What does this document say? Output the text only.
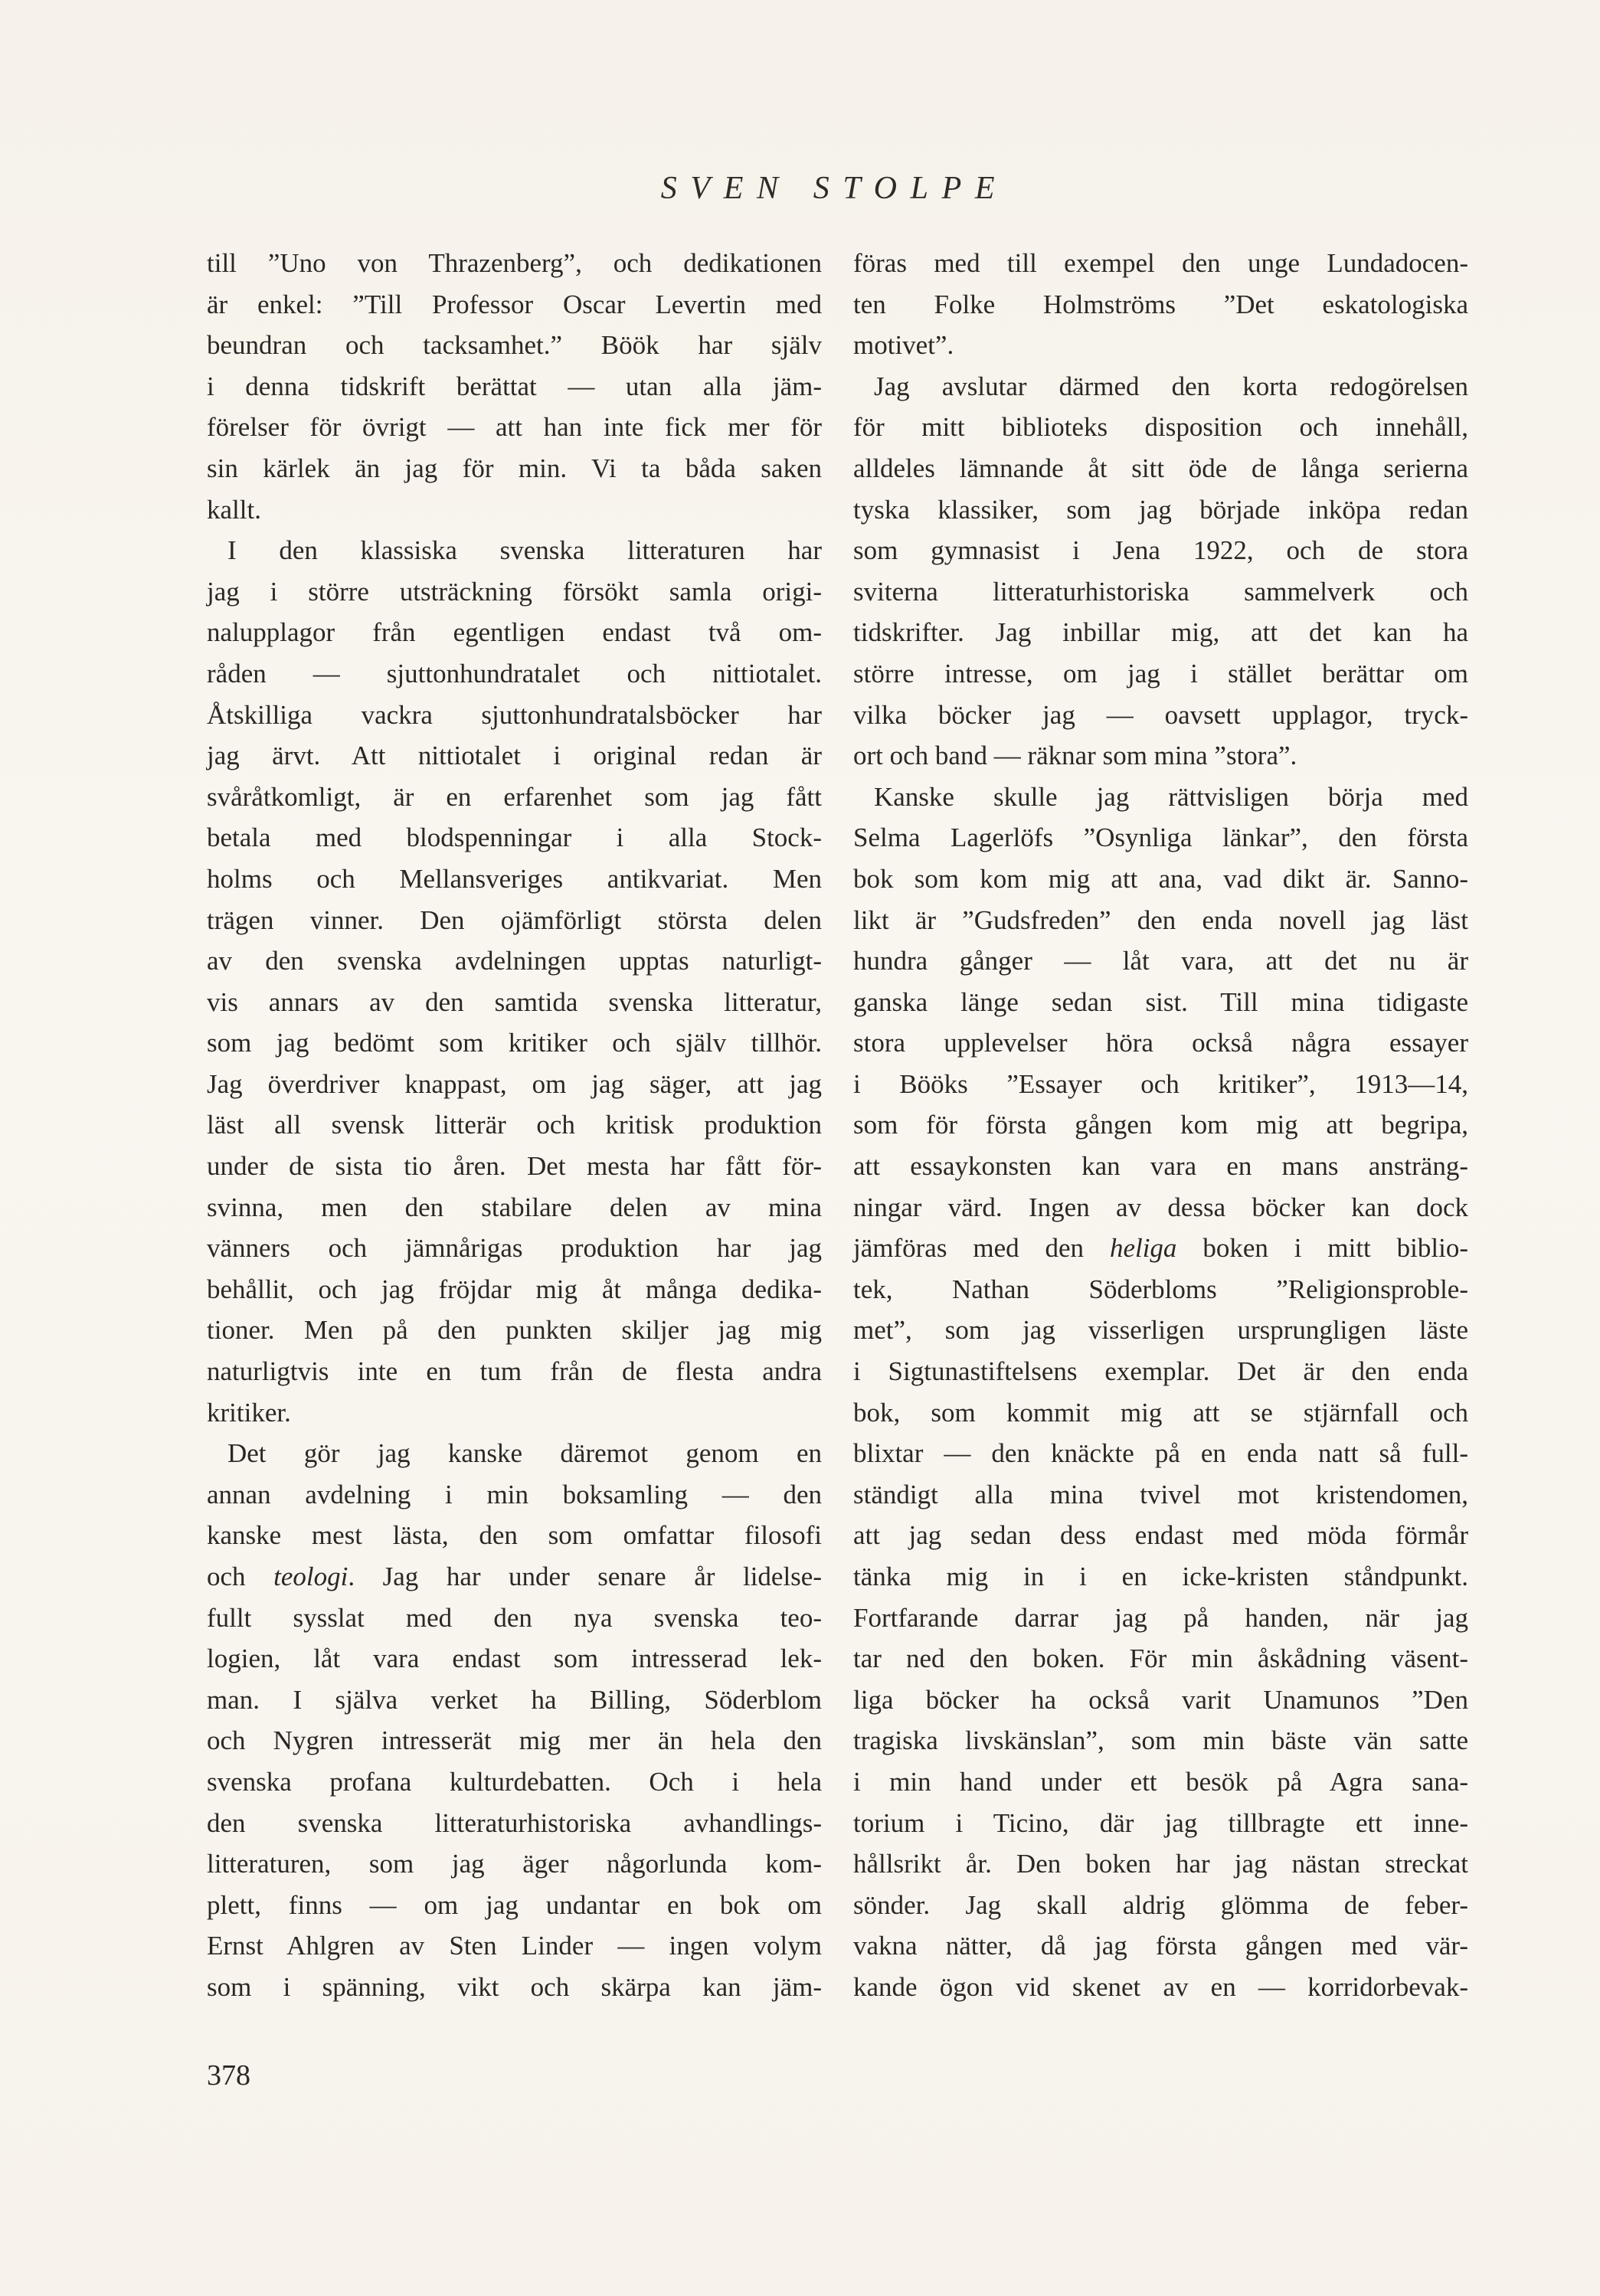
SVEN STOLPE
till ”Uno von Thrazenberg”, och dedikationen
är enkel: ”Till Professor Oscar Levertin med
beundran och tacksamhet.” Böök har själv
i denna tidskrift berättat — utan alla jäm-
förelser för övrigt — att han inte fick mer för
sin kärlek än jag för min. Vi ta båda saken
kallt.
I den klassiska svenska litteraturen har
jag i större utsträckning försökt samla origi-
nalupplagor från egentligen endast två om-
råden — sjuttonhundratalet och nittiotalet.
Åtskilliga vackra sjuttonhundratalsböcker har
jag ärvt. Att nittiotalet i original redan är
svåråtkomligt, är en erfarenhet som jag fått
betala med blodspenningar i alla Stock-
holms och Mellansveriges antikvariat. Men
trägen vinner. Den ojämförligt största delen
av den svenska avdelningen upptas naturligt-
vis annars av den samtida svenska litteratur,
som jag bedömt som kritiker och själv tillhör.
Jag överdriver knappast, om jag säger, att jag
läst all svensk litterär och kritisk produktion
under de sista tio åren. Det mesta har fått för-
svinna, men den stabilare delen av mina
vänners och jämnårigas produktion har jag
behållit, och jag fröjdar mig åt många dedika-
tioner. Men på den punkten skiljer jag mig
naturligtvis inte en tum från de flesta andra
kritiker.
Det gör jag kanske däremot genom en
annan avdelning i min boksamling — den
kanske mest lästa, den som omfattar filosofi
och teologi. Jag har under senare år lidelse-
fullt sysslat med den nya svenska teo-
logien, låt vara endast som intresserad lek-
man. I själva verket ha Billing, Söderblom
och Nygren intresserät mig mer än hela den
svenska profana kulturdebatten. Och i hela
den svenska litteraturhistoriska avhandlings-
litteraturen, som jag äger någorlunda kom-
plett, finns — om jag undantar en bok om
Ernst Ahlgren av Sten Linder — ingen volym
som i spänning, vikt och skärpa kan jäm-
föras med till exempel den unge Lundadocen-
ten Folke Holmströms ”Det eskatologiska
motivet”.
Jag avslutar därmed den korta redogörelsen
för mitt biblioteks disposition och innehåll,
alldeles lämnande åt sitt öde de långa serierna
tyska klassiker, som jag började inköpa redan
som gymnasist i Jena 1922, och de stora
sviterna litteraturhistoriska sammelverk och
tidskrifter. Jag inbillar mig, att det kan ha
större intresse, om jag i stället berättar om
vilka böcker jag — oavsett upplagor, tryck-
ort och band — räknar som mina ”stora”.
Kanske skulle jag rättvisligen börja med
Selma Lagerlöfs ”Osynliga länkar”, den första
bok som kom mig att ana, vad dikt är. Sanno-
likt är ”Gudsfreden” den enda novell jag läst
hundra gånger — låt vara, att det nu är
ganska länge sedan sist. Till mina tidigaste
stora upplevelser höra också några essayer
i Bööks ”Essayer och kritiker”, 1913—14,
som för första gången kom mig att begripa,
att essaykonsten kan vara en mans ansträng-
ningar värd. Ingen av dessa böcker kan dock
jämföras med den heliga boken i mitt biblio-
tek, Nathan Söderbloms ”Religionsproble-
met”, som jag visserligen ursprungligen läste
i Sigtunastiftelsens exemplar. Det är den enda
bok, som kommit mig att se stjärnfall och
blixtar — den knäckte på en enda natt så full-
ständigt alla mina tvivel mot kristendomen,
att jag sedan dess endast med möda förmår
tänka mig in i en icke-kristen ståndpunkt.
Fortfarande darrar jag på handen, när jag
tar ned den boken. För min åskådning väsent-
liga böcker ha också varit Unamunos ”Den
tragiska livskänslan”, som min bäste vän satte
i min hand under ett besök på Agra sana-
torium i Ticino, där jag tillbragte ett inne-
hållsrikt år. Den boken har jag nästan streckat
sönder. Jag skall aldrig glömma de feber-
vakna nätter, då jag första gången med vär-
kande ögon vid skenet av en — korridorbevak-
378
